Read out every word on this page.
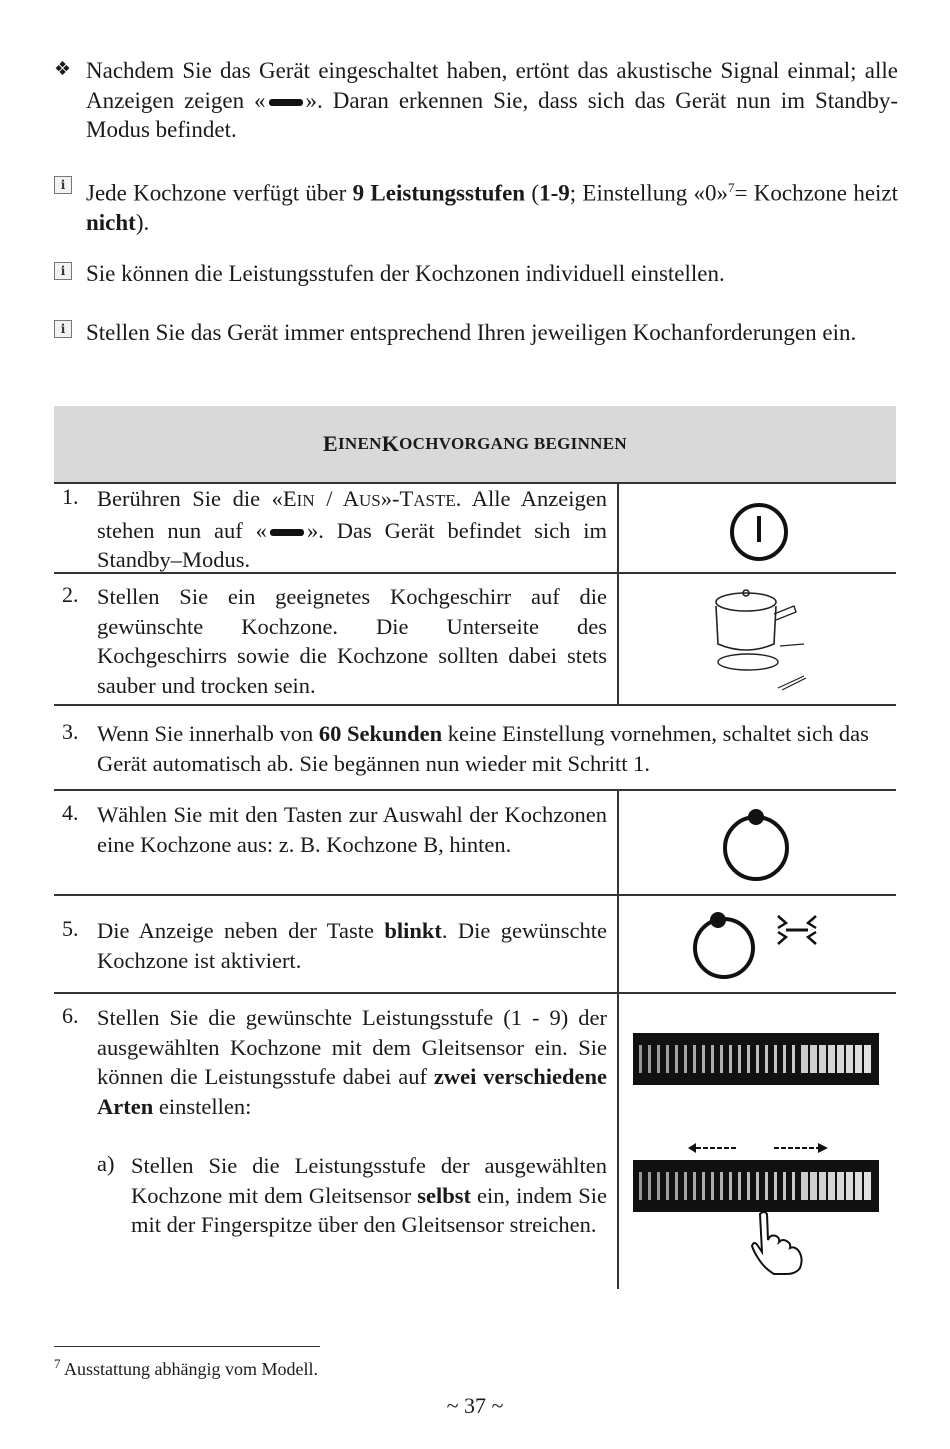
❖ Nachdem Sie das Gerät eingeschaltet haben, ertönt das akustische Signal einmal; alle Anzeigen zeigen « ». Daran erkennen Sie, dass sich das Gerät nun im Standby-Modus befindet.
i Jede Kochzone verfügt über 9 Leistungsstufen (1-9; Einstellung «0»$^7$= Kochzone heizt nicht).
i Sie können die Leistungsstufen der Kochzonen individuell einstellen.
i Stellen Sie das Gerät immer entsprechend Ihren jeweiligen Kochanforderungen ein.
E INEN K OCHVORGANG BEGINNEN
1. Berühren Sie die «EIN / AUS»-TASTE. Alle Anzeigen stehen nun auf « ». Das Gerät befindet sich im Standby–Modus.
2. Stellen Sie ein geeignetes Kochgeschirr auf die gewünschte Kochzone. Die Unterseite des Kochgeschirrs sowie die Kochzone sollten dabei stets sauber und trocken sein.
3. Wenn Sie innerhalb von 60 Sekunden keine Einstellung vornehmen, schaltet sich das Gerät automatisch ab. Sie begännen nun wieder mit Schritt 1.
4. Wählen Sie mit den Tasten zur Auswahl der Kochzonen eine Kochzone aus: z. B. Kochzone B, hinten.
5. Die Anzeige neben der Taste blinkt. Die gewünschte Kochzone ist aktiviert.
6. Stellen Sie die gewünschte Leistungsstufe (1 - 9) der ausgewählten Kochzone mit dem Gleitsensor ein. Sie können die Leistungsstufe dabei auf zwei verschiedene Arten einstellen:
a) Stellen Sie die Leistungsstufe der ausgewählten Kochzone mit dem Gleitsensor selbst ein, indem Sie mit der Fingerspitze über den Gleitsensor streichen.
$^7$ Ausstattung abhängig vom Modell.
~ 37 ~
